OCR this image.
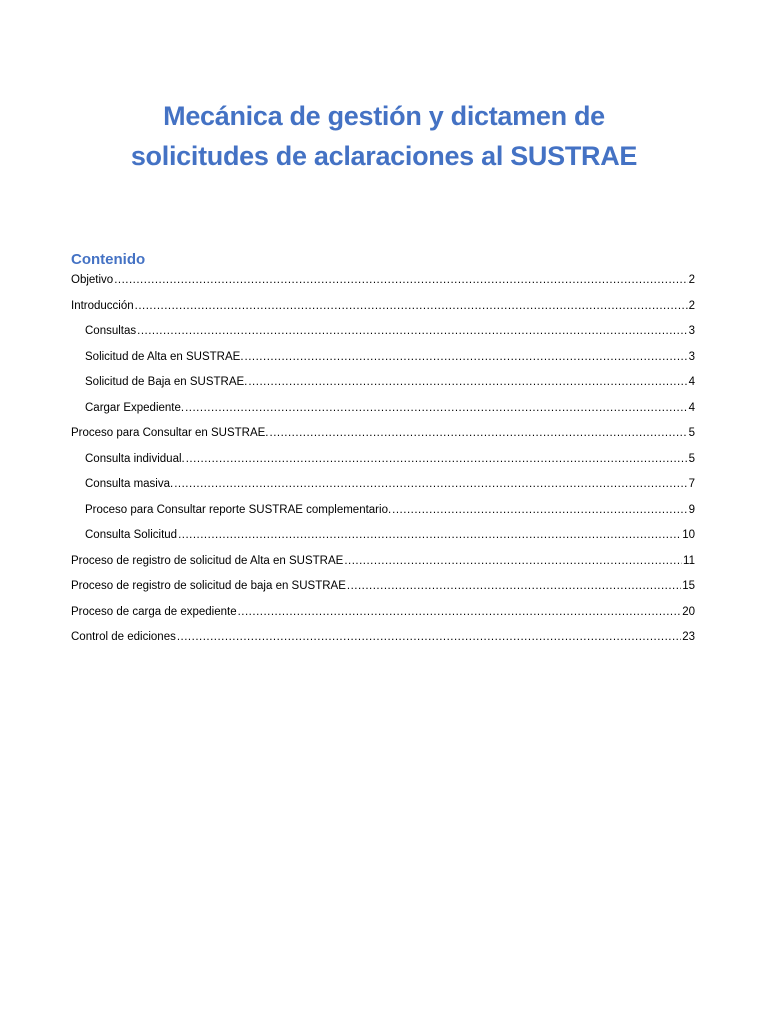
Mecánica de gestión y dictamen de
solicitudes de aclaraciones al SUSTRAE
Contenido
Objetivo .....	2
Introducción .....	2
Consultas .....	3
Solicitud de Alta en SUSTRAE. .....	3
Solicitud de Baja en SUSTRAE. .....	4
Cargar Expediente. .....	4
Proceso para Consultar en SUSTRAE. .....	5
Consulta individual. .....	5
Consulta masiva. .....	7
Proceso para Consultar reporte SUSTRAE complementario. .....	9
Consulta Solicitud .....	10
Proceso de registro de solicitud de Alta en SUSTRAE .....	11
Proceso de registro de solicitud de baja en SUSTRAE .....	15
Proceso de carga de expediente .....	20
Control de ediciones .....	23
